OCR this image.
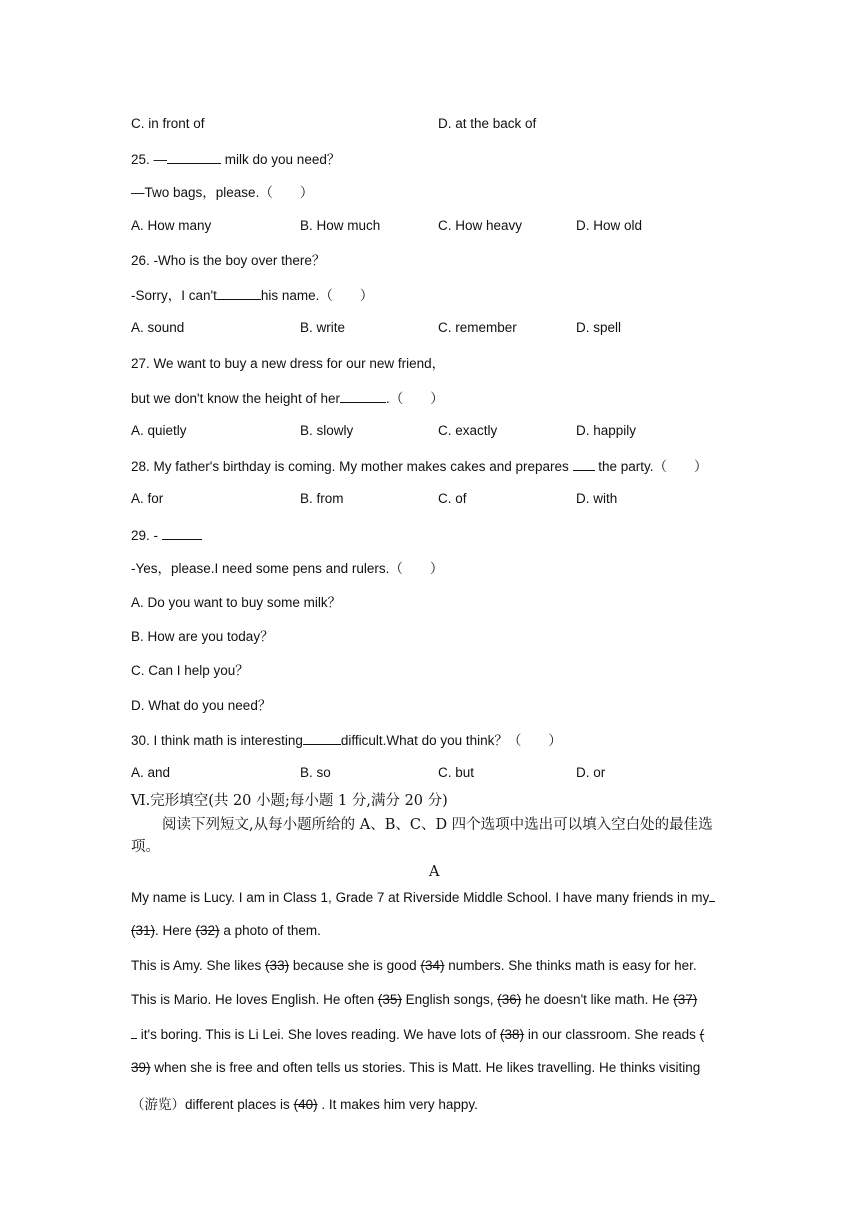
C. in front of	D. at the back of
25. —	milk do you need？
—Two bags，please.（　　）
A. How many	B. How much	C. How heavy	D. How old
26. -Who is the boy over there？
-Sorry，I can't	his name.（　　）
A. sound	B. write	C. remember	D. spell
27. We want to buy a new dress for our new friend，
but we don't know the height of her	.（　　）
A. quietly	B. slowly	C. exactly	D. happily
28. My father's birthday is coming. My mother makes cakes and prepares  the party.（　　）
A. for	B. from	C. of	D. with
29. -
-Yes，please.I need some pens and rulers.（　　）
A. Do you want to buy some milk？
B. How are you today？
C. Can I help you？
D. What do you need？
30. I think math is interesting	difficult.What do you think？（　　）
A. and	B. so	C. but	D. or
Ⅵ.完形填空(共 20 小题;每小题 1 分,满分 20 分)
阅读下列短文,从每小题所给的 A、B、C、D 四个选项中选出可以填入空白处的最佳选
项。
A
My name is Lucy. I am in Class 1, Grade 7 at Riverside Middle School. I have many friends in my
(31). Here (32) a photo of them.
This is Amy. She likes (33) because she is good (34) numbers. She thinks math is easy for her.
This is Mario. He loves English. He often (35) English songs, (36) he doesn't like math. He (37)
it's boring. This is Li Lei. She loves reading. We have lots of (38) in our classroom. She reads (
39) when she is free and often tells us stories. This is Matt. He likes travelling. He thinks visiting
（游览）different places is (40) . It makes him very happy.
